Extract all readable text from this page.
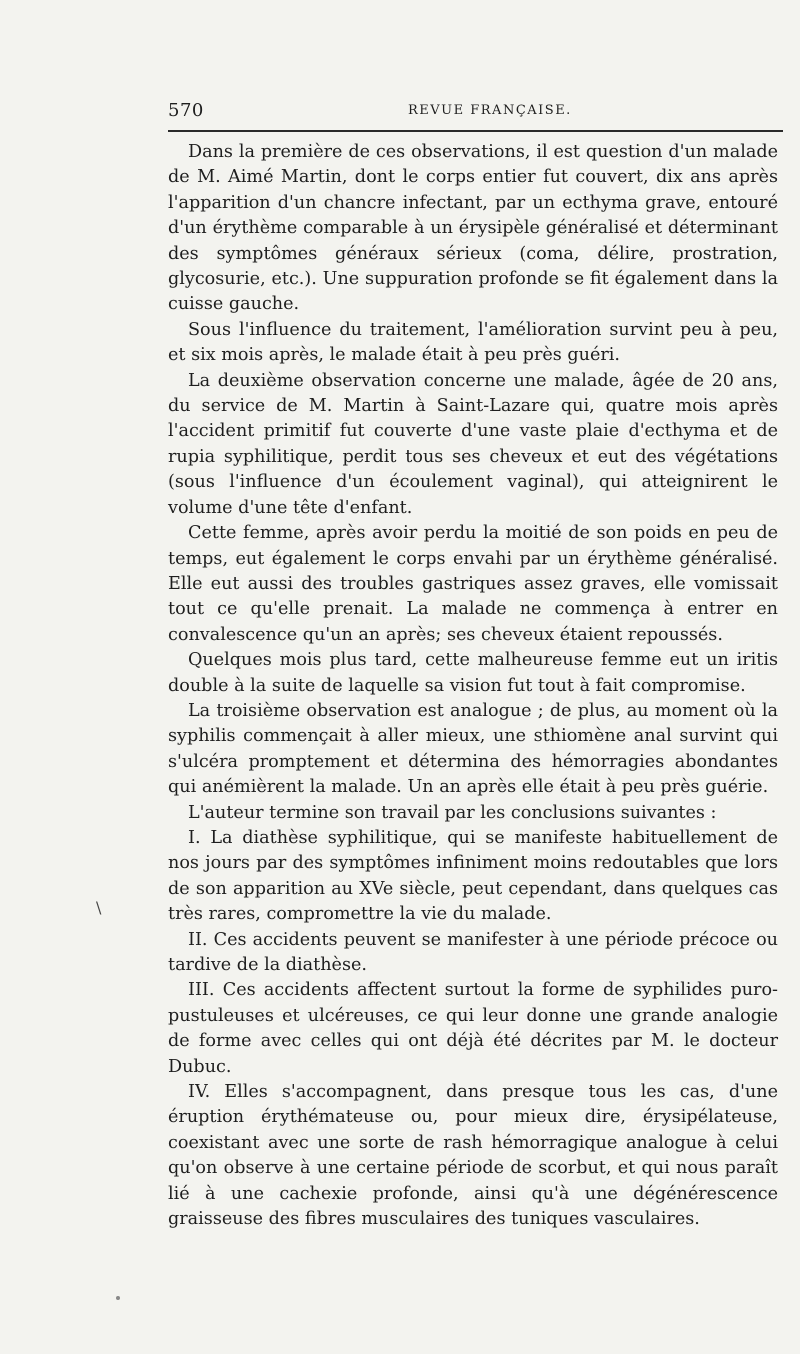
570	REVUE FRANÇAISE.

Dans la première de ces observations, il est question d'un malade de M. Aimé Martin, dont le corps entier fut couvert, dix ans après l'apparition d'un chancre infectant, par un ecthyma grave, entouré d'un érythème comparable à un érysipèle généralisé et déterminant des symptômes généraux sérieux (coma, délire, prostration, glycosurie, etc.). Une suppuration profonde se fit également dans la cuisse gauche.

Sous l'influence du traitement, l'amélioration survint peu à peu, et six mois après, le malade était à peu près guéri.

La deuxième observation concerne une malade, âgée de 20 ans, du service de M. Martin à Saint-Lazare qui, quatre mois après l'accident primitif fut couverte d'une vaste plaie d'ecthyma et de rupia syphilitique, perdit tous ses cheveux et eut des végétations (sous l'influence d'un écoulement vaginal), qui atteignirent le volume d'une tête d'enfant.

Cette femme, après avoir perdu la moitié de son poids en peu de temps, eut également le corps envahi par un érythème généralisé. Elle eut aussi des troubles gastriques assez graves, elle vomissait tout ce qu'elle prenait. La malade ne commença à entrer en convalescence qu'un an après; ses cheveux étaient repoussés.

Quelques mois plus tard, cette malheureuse femme eut un iritis double à la suite de laquelle sa vision fut tout à fait compromise.

La troisième observation est analogue ; de plus, au moment où la syphilis commençait à aller mieux, une sthiomène anal survint qui s'ulcéra promptement et détermina des hémorragies abondantes qui anémièrent la malade. Un an après elle était à peu près guérie.

L'auteur termine son travail par les conclusions suivantes :

I. La diathèse syphilitique, qui se manifeste habituellement de nos jours par des symptômes infiniment moins redoutables que lors de son apparition au XVe siècle, peut cependant, dans quelques cas très rares, compromettre la vie du malade.

II. Ces accidents peuvent se manifester à une période précoce ou tardive de la diathèse.

III. Ces accidents affectent surtout la forme de syphilides puro-pustuleuses et ulcéreuses, ce qui leur donne une grande analogie de forme avec celles qui ont déjà été décrites par M. le docteur Dubuc.

IV. Elles s'accompagnent, dans presque tous les cas, d'une éruption érythémateuse ou, pour mieux dire, érysipélateuse, coexistant avec une sorte de rash hémorragique analogue à celui qu'on observe à une certaine période de scorbut, et qui nous paraît lié à une cachexie profonde, ainsi qu'à une dégénérescence graisseuse des fibres musculaires des tuniques vasculaires.

\
